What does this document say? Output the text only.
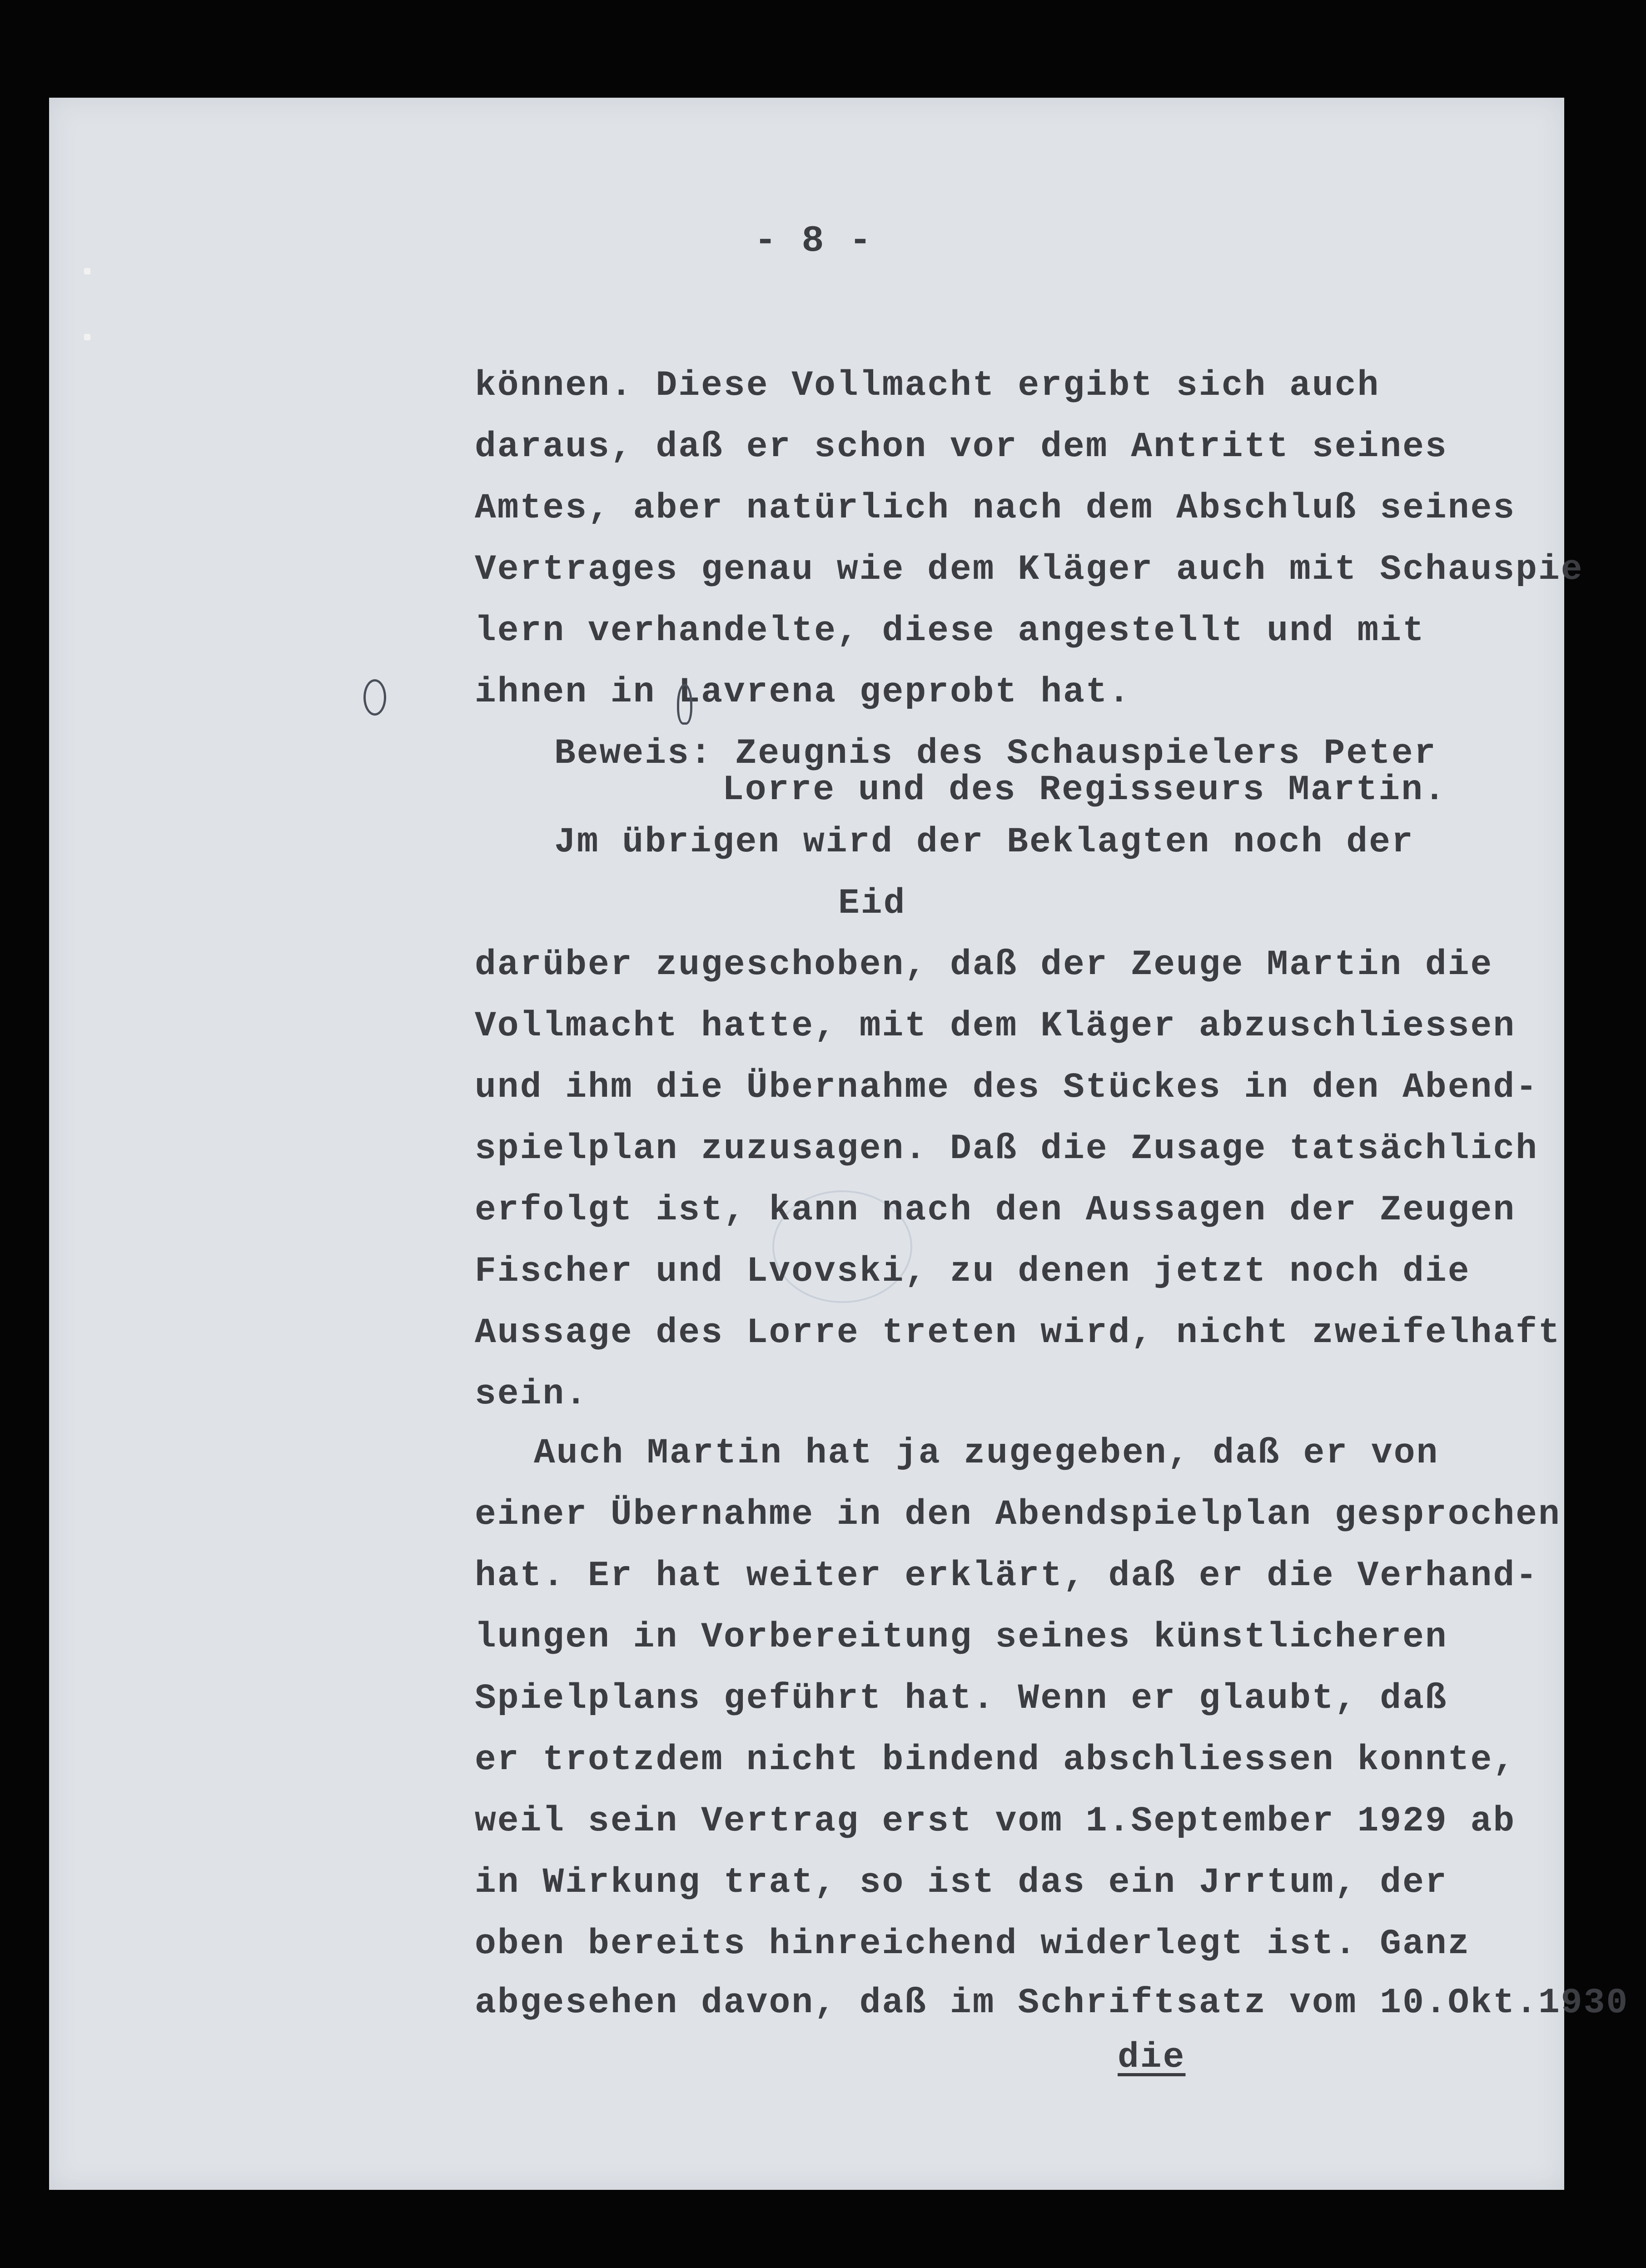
- 8 -
können. Diese Vollmacht ergibt sich auch
daraus, daß er schon vor dem Antritt seines
Amtes, aber natürlich nach dem Abschluß seines
Vertrages genau wie dem Kläger auch mit Schauspie
lern verhandelte, diese angestellt und mit
ihnen in Lavrena geprobt hat.
Beweis: Zeugnis des Schauspielers Peter
Lorre und des Regisseurs Martin.
Jm übrigen wird der Beklagten noch der
Eid
darüber zugeschoben, daß der Zeuge Martin die
Vollmacht hatte, mit dem Kläger abzuschliessen
und ihm die Übernahme des Stückes in den Abend-
spielplan zuzusagen. Daß die Zusage tatsächlich
erfolgt ist, kann nach den Aussagen der Zeugen
Fischer und Lvovski, zu denen jetzt noch die
Aussage des Lorre treten wird, nicht zweifelhaft
sein.
Auch Martin hat ja zugegeben, daß er von
einer Übernahme in den Abendspielplan gesprochen
hat. Er hat weiter erklärt, daß er die Verhand-
lungen in Vorbereitung seines künstlicheren
Spielplans geführt hat. Wenn er glaubt, daß
er trotzdem nicht bindend abschliessen konnte,
weil sein Vertrag erst vom 1.September 1929 ab
in Wirkung trat, so ist das ein Jrrtum, der
oben bereits hinreichend widerlegt ist. Ganz
abgesehen davon, daß im Schriftsatz vom 10.Okt.1930
die
